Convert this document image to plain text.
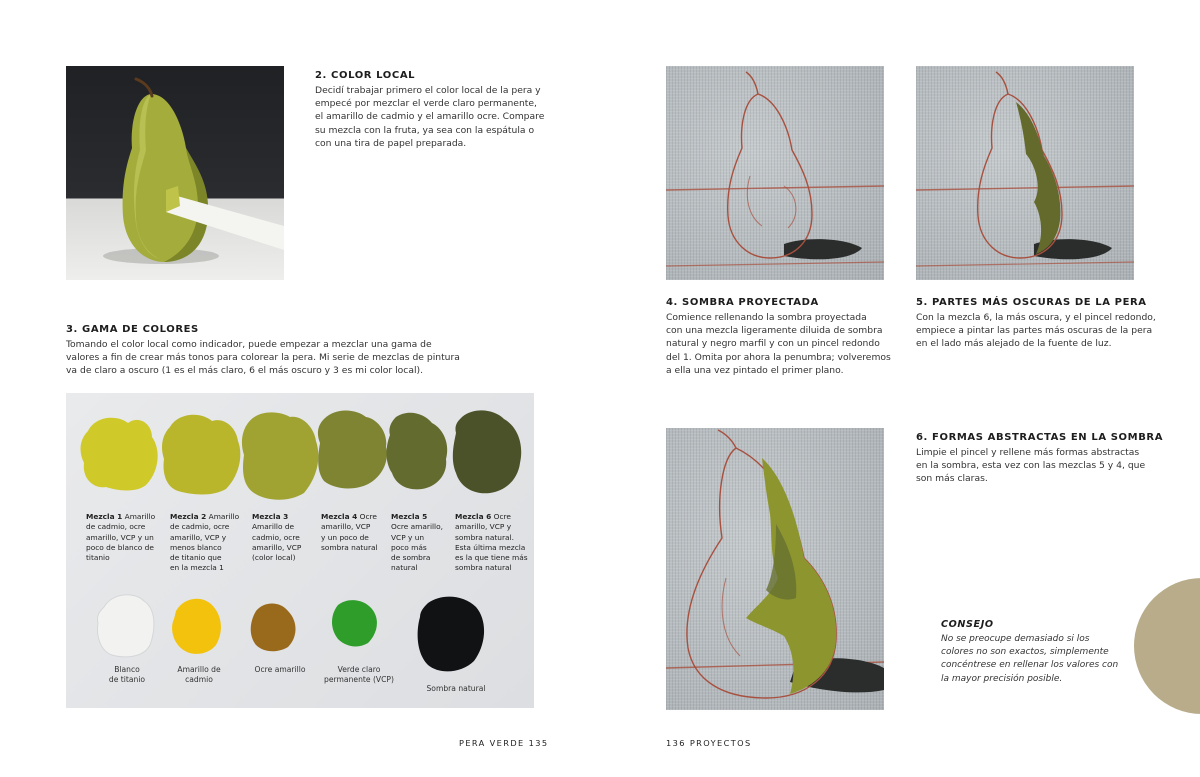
2. COLOR LOCAL
Decidí trabajar primero el color local de la pera y
empecé por mezclar el verde claro permanente,
el amarillo de cadmio y el amarillo ocre. Compare
su mezcla con la fruta, ya sea con la espátula o
con una tira de papel preparada.
3. GAMA DE COLORES
Tomando el color local como indicador, puede empezar a mezclar una gama de
valores a fin de crear más tonos para colorear la pera. Mi serie de mezclas de pintura
va de claro a oscuro (1 es el más claro, 6 el más oscuro y 3 es mi color local).
Mezcla 1 Amarillo
de cadmio, ocre
amarillo, VCP y un
poco de blanco de
titanio
Mezcla 2 Amarillo
de cadmio, ocre
amarillo, VCP y
menos blanco
de titanio que
en la mezcla 1
Mezcla 3
Amarillo de
cadmio, ocre
amarillo, VCP
(color local)
Mezcla 4 Ocre
amarillo, VCP
y un poco de
sombra natural
Mezcla 5
Ocre amarillo,
VCP y un
poco más
de sombra
natural
Mezcla 6 Ocre
amarillo, VCP y
sombra natural.
Esta última mezcla
es la que tiene más
sombra natural
Blanco
de titanio
Amarillo de
cadmio
Ocre amarillo	Verde claro
permanente (VCP)
Sombra natural
PERA VERDE 135
4. SOMBRA PROYECTADA
Comience rellenando la sombra proyectada
con una mezcla ligeramente diluida de sombra
natural y negro marfil y con un pincel redondo
del 1. Omita por ahora la penumbra; volveremos
a ella una vez pintado el primer plano.
5. PARTES MÁS OSCURAS DE LA PERA
Con la mezcla 6, la más oscura, y el pincel redondo,
empiece a pintar las partes más oscuras de la pera
en el lado más alejado de la fuente de luz.
6. FORMAS ABSTRACTAS EN LA SOMBRA
Limpie el pincel y rellene más formas abstractas
en la sombra, esta vez con las mezclas 5 y 4, que
son más claras.
CONSEJO
No se preocupe demasiado si los
colores no son exactos, simplemente
concéntrese en rellenar los valores con
la mayor precisión posible.
136 PROYECTOS
